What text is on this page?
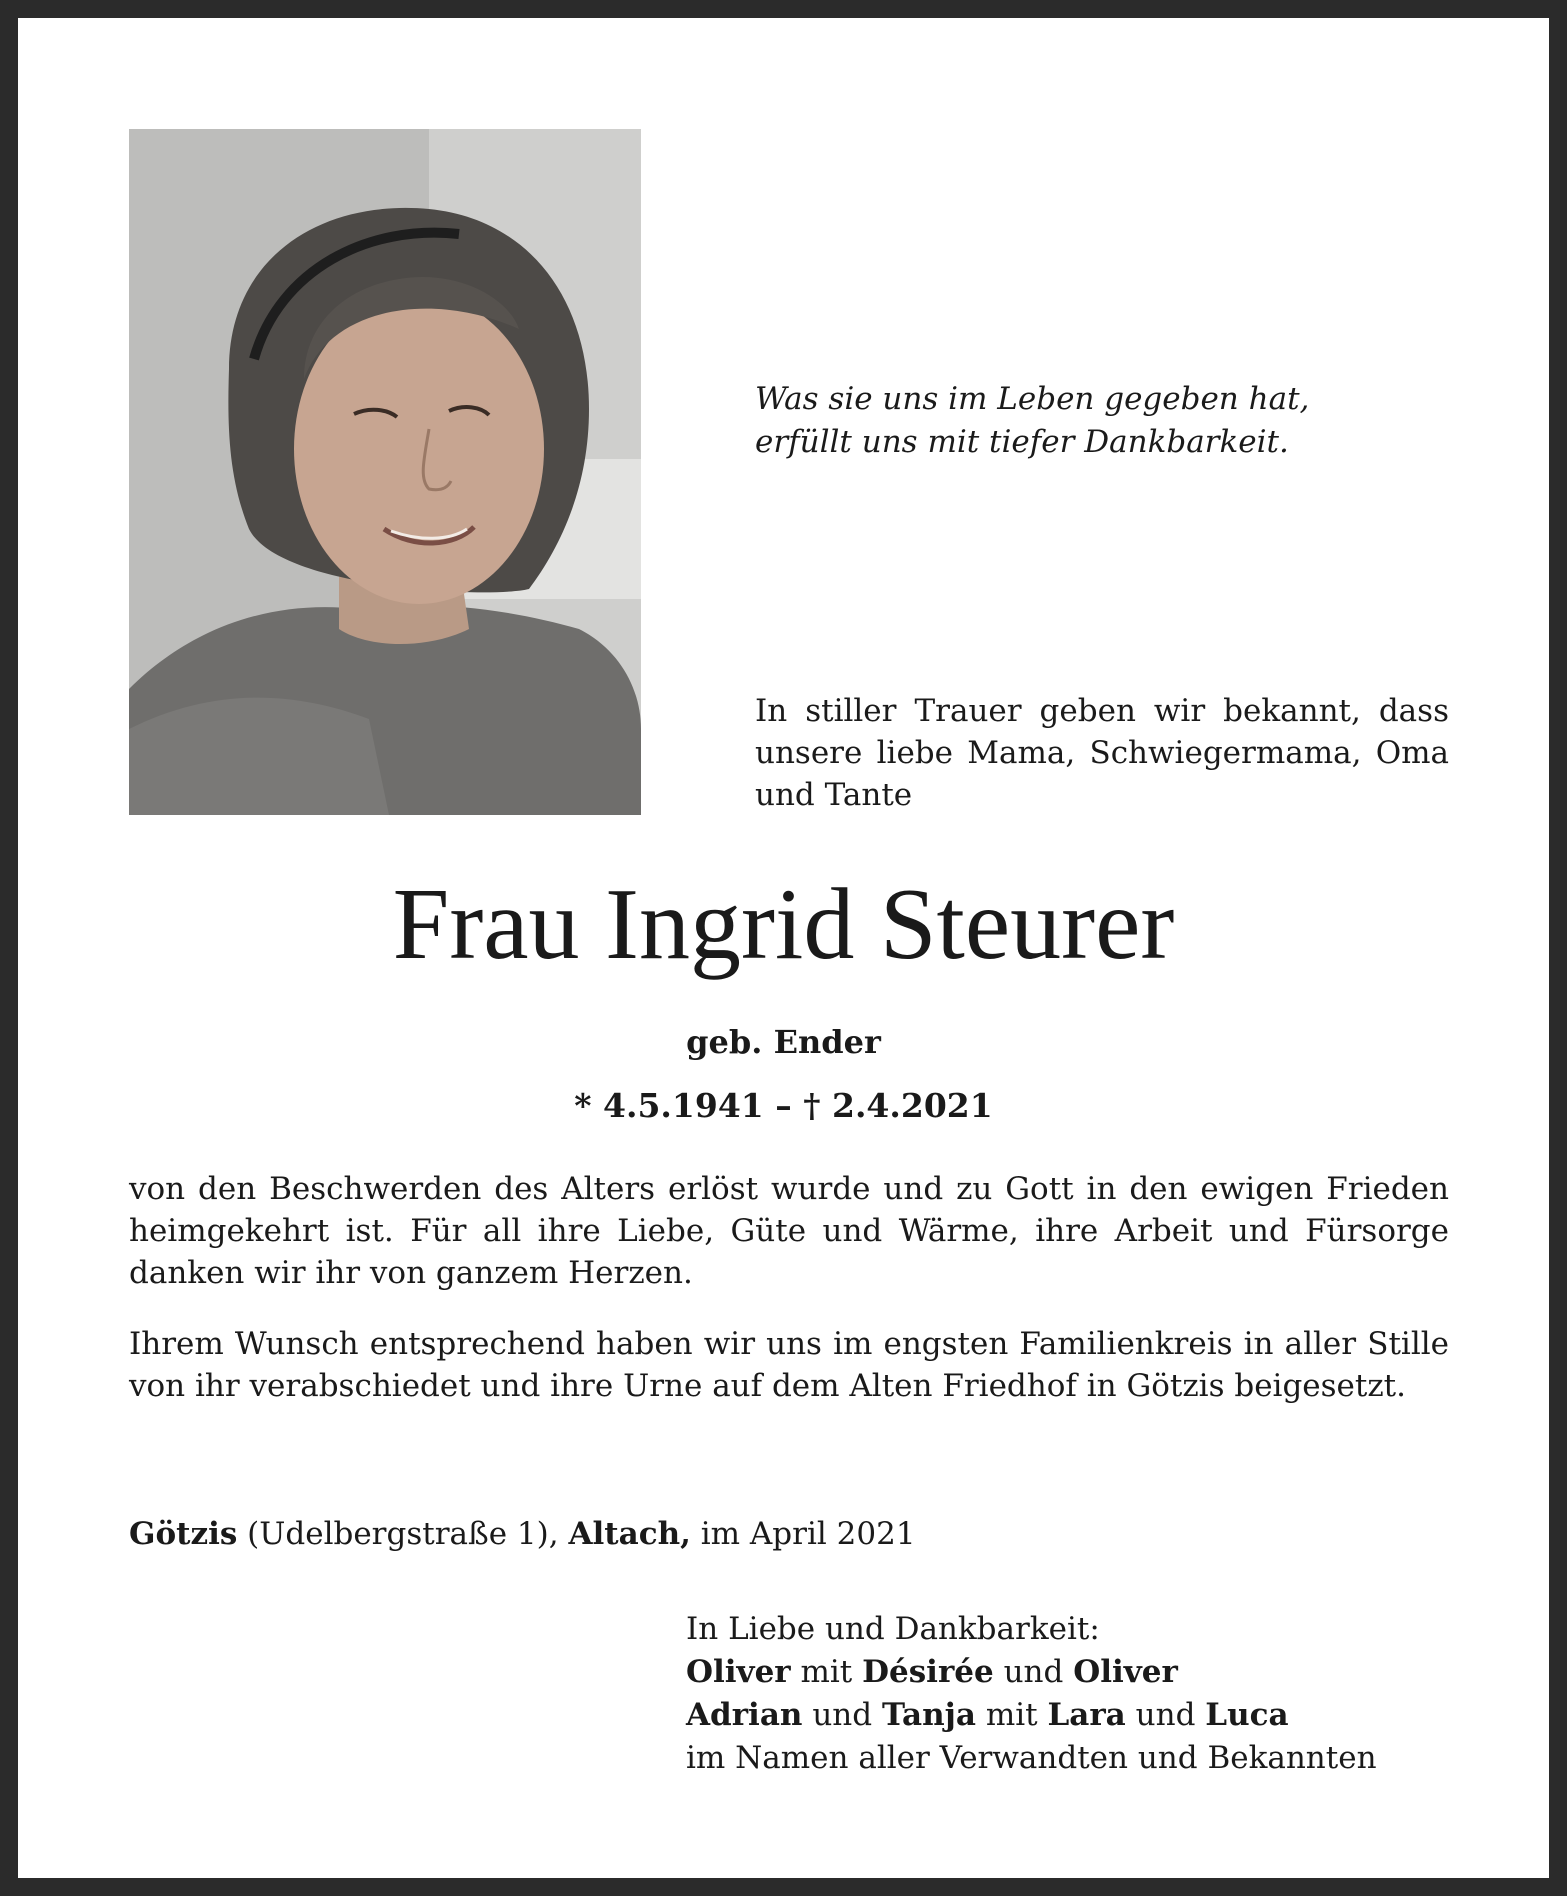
Was sie uns im Leben gegeben hat,
erfüllt uns mit tiefer Dankbarkeit.

In stiller Trauer geben wir bekannt, dass unsere liebe Mama, Schwiegermama, Oma und Tante

Frau Ingrid Steurer

geb. Ender

* 4.5.1941 – † 2.4.2021

von den Beschwerden des Alters erlöst wurde und zu Gott in den ewigen Frieden heimgekehrt ist. Für all ihre Liebe, Güte und Wärme, ihre Arbeit und Fürsorge danken wir ihr von ganzem Herzen.

Ihrem Wunsch entsprechend haben wir uns im engsten Familienkreis in aller Stille von ihr verabschiedet und ihre Urne auf dem Alten Friedhof in Götzis beigesetzt.

Götzis (Udelbergstraße 1), Altach, im April 2021

In Liebe und Dankbarkeit:
Oliver mit Désirée und Oliver
Adrian und Tanja mit Lara und Luca
im Namen aller Verwandten und Bekannten
